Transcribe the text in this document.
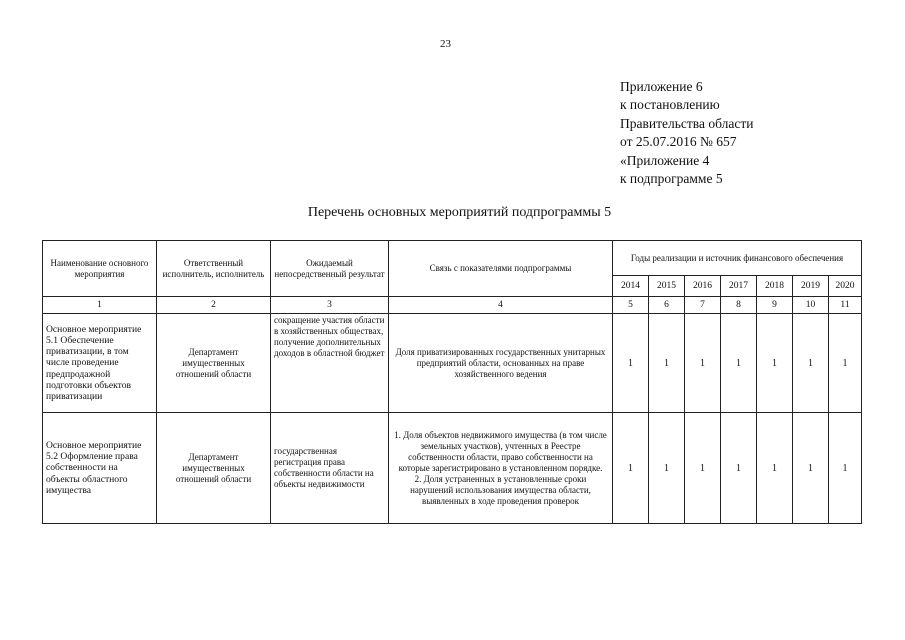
23
Приложение 6
к постановлению
Правительства области
от 25.07.2016 № 657
«Приложение 4
к подпрограмме 5
Перечень основных мероприятий подпрограммы 5
Наименование основного мероприятия	Ответственный исполнитель, исполнитель	Ожидаемый непосредственный результат	Связь с показателями подпрограммы	Годы реализации и источник финансового обеспечения						
				2014	2015	2016	2017	2018	2019	2020
1	2	3	4	5	6	7	8	9	10	11
Основное мероприятие 5.1 Обеспечение приватизации, в том числе проведение предпродажной подготовки объектов приватизации	Департамент имущественных отношений области	сокращение участия области в хозяйственных обществах, получение дополнительных доходов в областной бюджет	Доля приватизированных государственных унитарных предприятий области, основанных на праве хозяйственного ведения	1	1	1	1	1	1	1
Основное мероприятие 5.2 Оформление права собственности на объекты областного имущества	Департамент имущественных отношений области	государственная регистрация права собственности области на объекты недвижимости	1. Доля объектов недвижимого имущества (в том числе земельных участков), учтенных в Реестре собственности области, право собственности на которые зарегистрировано в установленном порядке.
2. Доля устраненных в установленные сроки нарушений использования имущества области, выявленных в ходе проведения проверок	1	1	1	1	1	1	1
